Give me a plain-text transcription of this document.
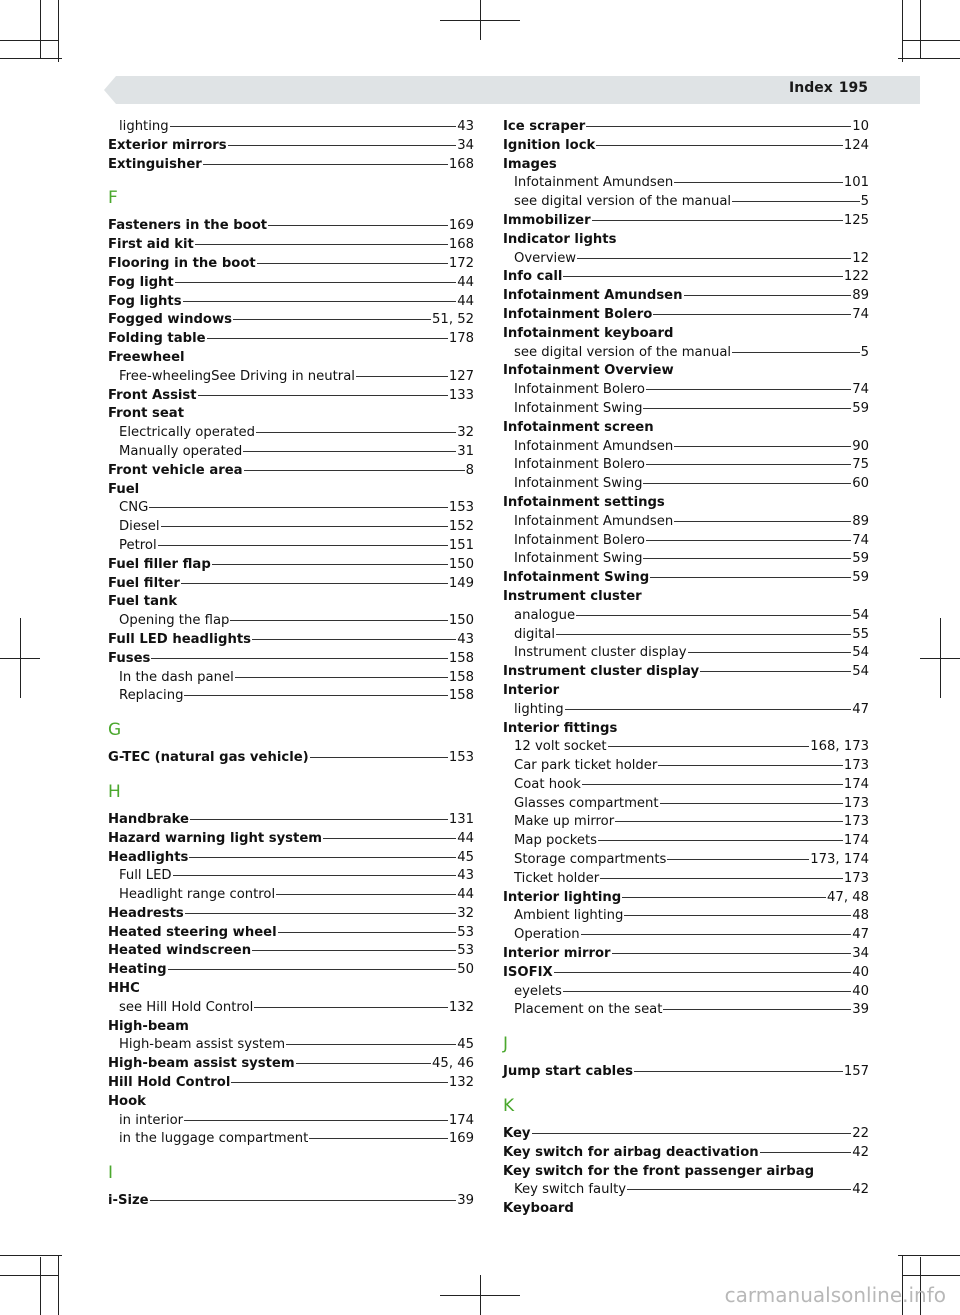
Index 195
lighting	43
Exterior mirrors	34
Extinguisher	168
F
Fasteners in the boot	169
First aid kit	168
Flooring in the boot	172
Fog light	44
Fog lights	44
Fogged windows	51, 52
Folding table	178
Freewheel
Free-wheelingSee Driving in neutral	127
Front Assist	133
Front seat
Electrically operated	32
Manually operated	31
Front vehicle area	8
Fuel
CNG	153
Diesel	152
Petrol	151
Fuel filler flap	150
Fuel filter	149
Fuel tank
Opening the flap	150
Full LED headlights	43
Fuses	158
In the dash panel	158
Replacing	158
G
G-TEC (natural gas vehicle)	153
H
Handbrake	131
Hazard warning light system	44
Headlights	45
Full LED	43
Headlight range control	44
Headrests	32
Heated steering wheel	53
Heated windscreen	53
Heating	50
HHC
see Hill Hold Control	132
High-beam
High-beam assist system	45
High-beam assist system	45, 46
Hill Hold Control	132
Hook
in interior	174
in the luggage compartment	169
I
i-Size	39
Ice scraper	10
Ignition lock	124
Images
Infotainment Amundsen	101
see digital version of the manual	5
Immobilizer	125
Indicator lights
Overview	12
Info call	122
Infotainment Amundsen	89
Infotainment Bolero	74
Infotainment keyboard
see digital version of the manual	5
Infotainment Overview
Infotainment Bolero	74
Infotainment Swing	59
Infotainment screen
Infotainment Amundsen	90
Infotainment Bolero	75
Infotainment Swing	60
Infotainment settings
Infotainment Amundsen	89
Infotainment Bolero	74
Infotainment Swing	59
Infotainment Swing	59
Instrument cluster
analogue	54
digital	55
Instrument cluster display	54
Instrument cluster display	54
Interior
lighting	47
Interior fittings
12 volt socket	168, 173
Car park ticket holder	173
Coat hook	174
Glasses compartment	173
Make up mirror	173
Map pockets	174
Storage compartments	173, 174
Ticket holder	173
Interior lighting	47, 48
Ambient lighting	48
Operation	47
Interior mirror	34
ISOFIX	40
eyelets	40
Placement on the seat	39
J
Jump start cables	157
K
Key	22
Key switch for airbag deactivation	42
Key switch for the front passenger airbag
Key switch faulty	42
Keyboard
carmanualsonline.info
